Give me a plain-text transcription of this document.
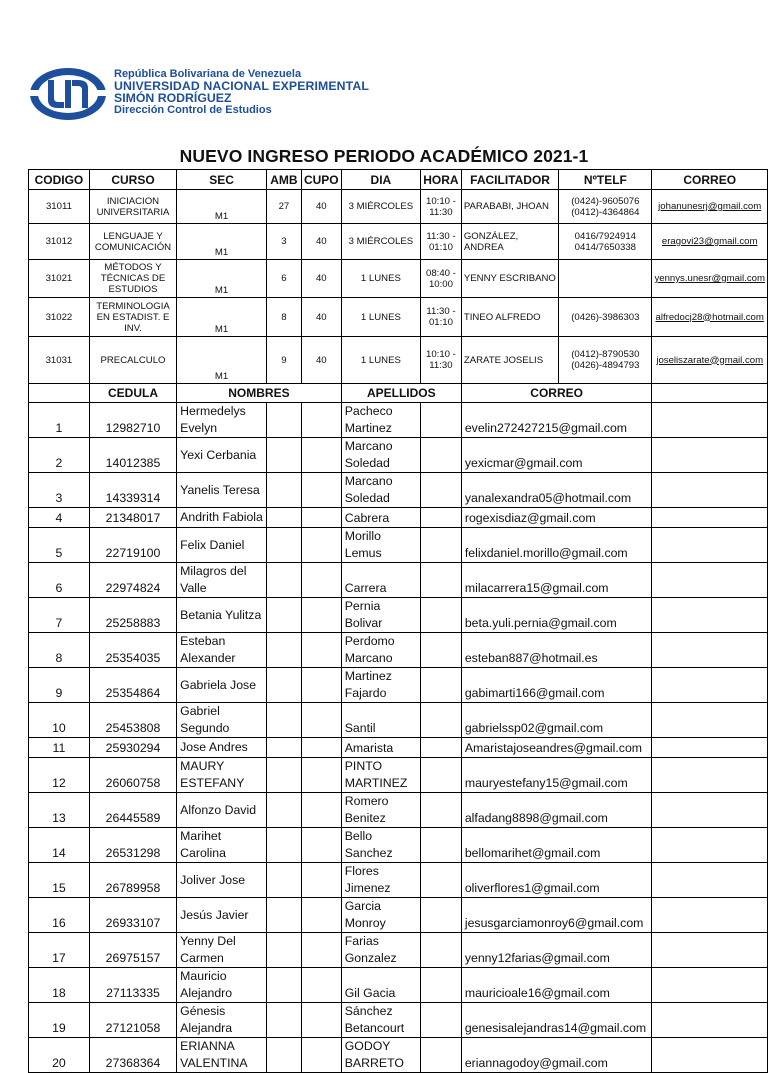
República Bolivariana de Venezuela
UNIVERSIDAD NACIONAL EXPERIMENTAL
SIMÓN RODRÍGUEZ
Dirección Control de Estudios
NUEVO INGRESO PERIODO ACADÉMICO 2021-1
CODIGO	CURSO	SEC	AMB	CUPO	DIA	HORA	FACILITADOR	NºTELF	CORREO
31011	INICIACION UNIVERSITARIA	M1	27	40	3 MIÉRCOLES	10:10 - 11:30	PARABABI, JHOAN	(0424)-9605076 (0412)-4364864	johanunesrj@gmail.com
31012	LENGUAJE Y COMUNICACIÓN	M1	3	40	3 MIÉRCOLES	11:30 - 01:10	GONZÁLEZ, ANDREA	0416/7924914 0414/7650338	eragovi23@gmail.com
31021	MÉTODOS Y TÉCNICAS DE ESTUDIOS	M1	6	40	1 LUNES	08:40 - 10:00	YENNY ESCRIBANO		yennys.unesr@gmail.com
31022	TERMINOLOGIA EN ESTADIST. E INV.	M1	8	40	1 LUNES	11:30 - 01:10	TINEO ALFREDO	(0426)-3986303	alfredocj28@hotmail.com
31031	PRECALCULO	M1	9	40	1 LUNES	10:10 - 11:30	ZARATE JOSELIS	(0412)-8790530 (0426)-4894793	joseliszarate@gmail.com
	CEDULA	NOMBRES			APELLIDOS		CORREO		
1	12982710	Hermedelys Evelyn			Pacheco Martinez		evelin272427215@gmail.com		
2	14012385	Yexi Cerbania			Marcano Soledad		yexicmar@gmail.com		
3	14339314	Yanelis Teresa			Marcano Soledad		yanalexandra05@hotmail.com		
4	21348017	Andrith Fabiola			Cabrera		rogexisdiaz@gmail.com		
5	22719100	Felix Daniel			Morillo Lemus		felixdaniel.morillo@gmail.com		
6	22974824	Milagros del Valle			Carrera		milacarrera15@gmail.com		
7	25258883	Betania Yulitza			Pernia Bolivar		beta.yuli.pernia@gmail.com		
8	25354035	Esteban Alexander			Perdomo Marcano		esteban887@hotmail.es		
9	25354864	Gabriela Jose			Martinez Fajardo		gabimarti166@gmail.com		
10	25453808	Gabriel Segundo			Santil		gabrielssp02@gmail.com		
11	25930294	Jose Andres			Amarista		Amaristajoseandres@gmail.com		
12	26060758	MAURY ESTEFANY			PINTO MARTINEZ		mauryestefany15@gmail.com		
13	26445589	Alfonzo David			Romero Benitez		alfadang8898@gmail.com		
14	26531298	Marihet Carolina			Bello Sanchez		bellomarihet@gmail.com		
15	26789958	Joliver Jose			Flores Jimenez		oliverflores1@gmail.com		
16	26933107	Jesús Javier			Garcia Monroy		jesusgarciamonroy6@gmail.com		
17	26975157	Yenny Del Carmen			Farias Gonzalez		yenny12farias@gmail.com		
18	27113335	Mauricio Alejandro			Gil Gacia		mauricioale16@gmail.com		
19	27121058	Génesis Alejandra			Sánchez Betancourt		genesisalejandras14@gmail.com		
20	27368364	ERIANNA VALENTINA			GODOY BARRETO		eriannagodoy@gmail.com		
